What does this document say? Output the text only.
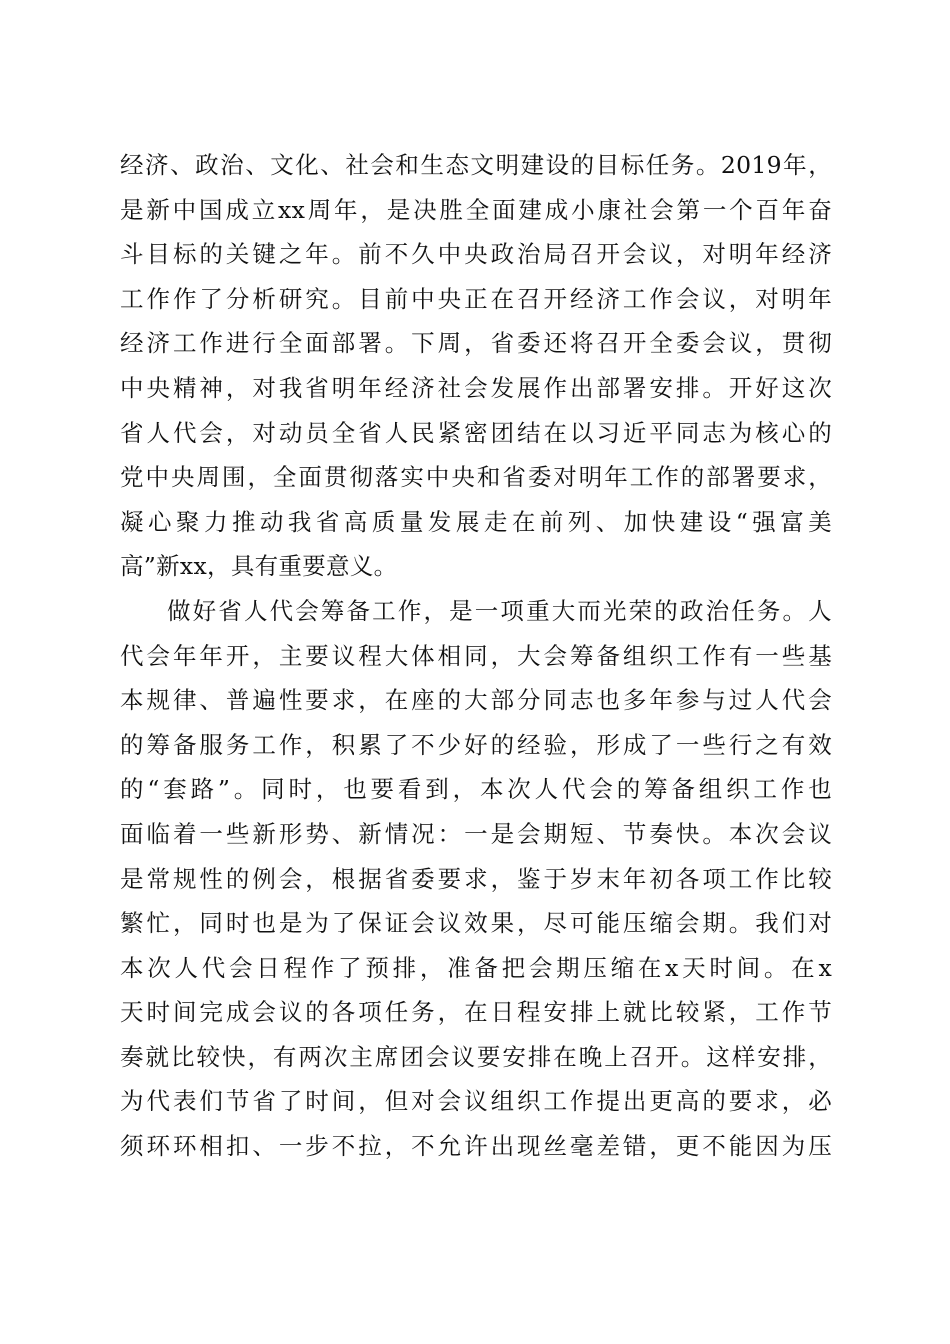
经济、政治、文化、社会和生态文明建设的目标任务。2019年，
是新中国成立xx周年，是决胜全面建成小康社会第一个百年奋
斗目标的关键之年。前不久中央政治局召开会议，对明年经济
工作作了分析研究。目前中央正在召开经济工作会议，对明年
经济工作进行全面部署。下周，省委还将召开全委会议，贯彻
中央精神，对我省明年经济社会发展作出部署安排。开好这次
省人代会，对动员全省人民紧密团结在以习近平同志为核心的
党中央周围，全面贯彻落实中央和省委对明年工作的部署要求，
凝心聚力推动我省高质量发展走在前列、加快建设“强富美
高”新xx，具有重要意义。
做好省人代会筹备工作，是一项重大而光荣的政治任务。人
代会年年开，主要议程大体相同，大会筹备组织工作有一些基
本规律、普遍性要求，在座的大部分同志也多年参与过人代会
的筹备服务工作，积累了不少好的经验，形成了一些行之有效
的“套路”。同时，也要看到，本次人代会的筹备组织工作也
面临着一些新形势、新情况：一是会期短、节奏快。本次会议
是常规性的例会，根据省委要求，鉴于岁末年初各项工作比较
繁忙，同时也是为了保证会议效果，尽可能压缩会期。我们对
本次人代会日程作了预排，准备把会期压缩在x天时间。在x
天时间完成会议的各项任务，在日程安排上就比较紧，工作节
奏就比较快，有两次主席团会议要安排在晚上召开。这样安排，
为代表们节省了时间，但对会议组织工作提出更高的要求，必
须环环相扣、一步不拉，不允许出现丝毫差错，更不能因为压
